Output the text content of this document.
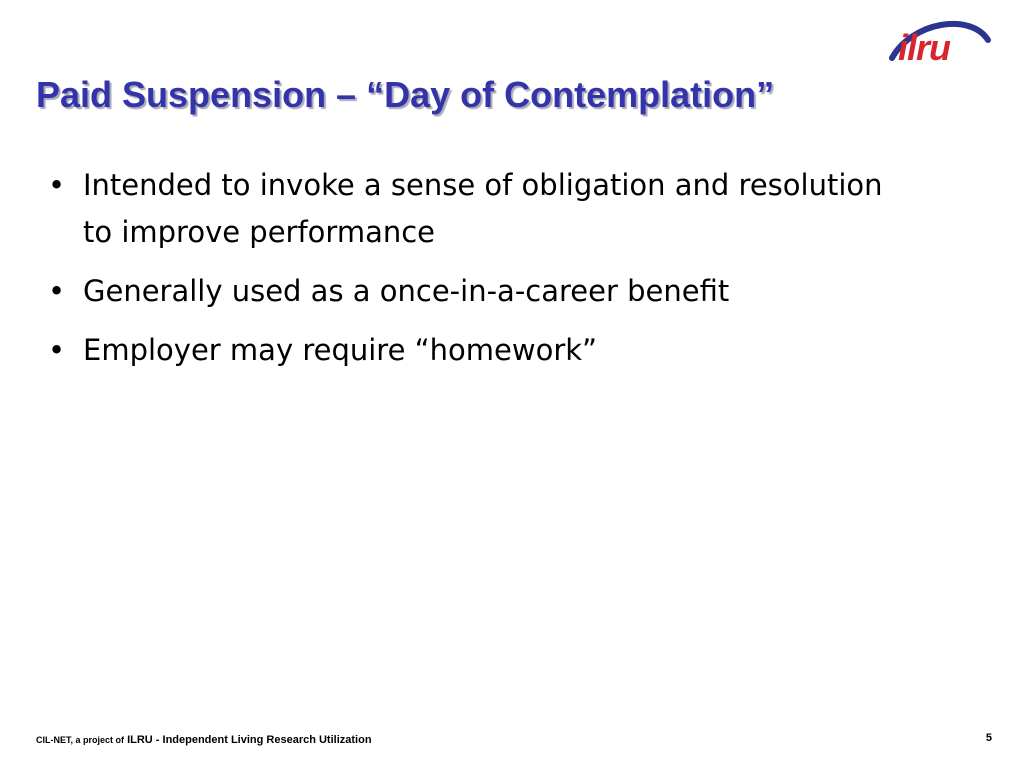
ilru
Paid Suspension – “Day of Contemplation”
• Intended to invoke a sense of obligation and resolution to improve performance
• Generally used as a once-in-a-career benefit
• Employer may require “homework”
CIL-NET, a project of ILRU - Independent Living Research Utilization	5
